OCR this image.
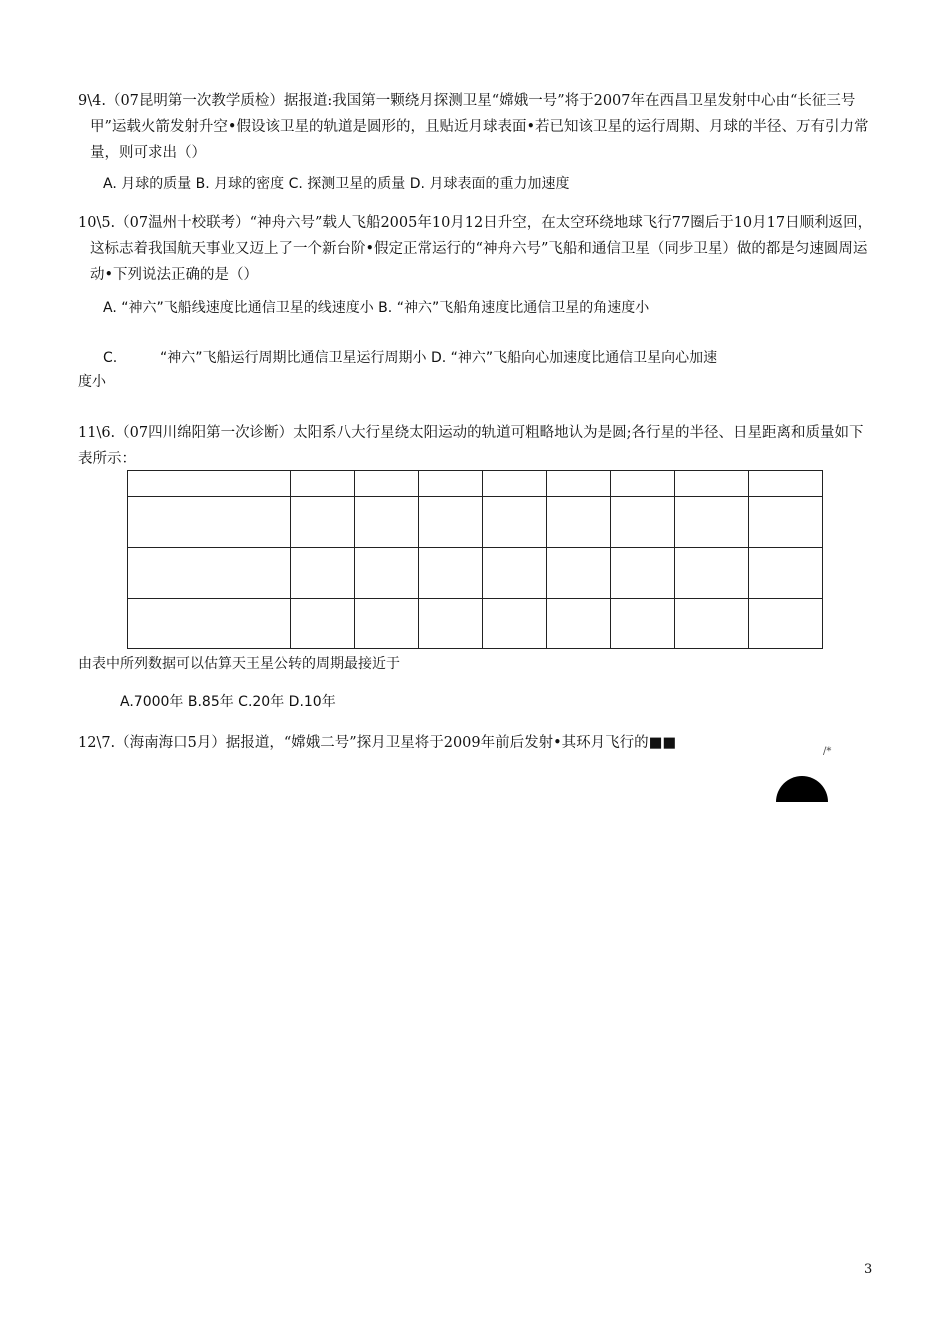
9\4.（07昆明第一次教学质检）据报道:我国第一颗绕月探测卫星“嫦娥一号”将于2007年在西昌卫星发射中心由“长征三号甲”运载火箭发射升空•假设该卫星的轨道是圆形的，且贴近月球表面•若已知该卫星的运行周期、月球的半径、万有引力常量，则可求出（）
A. 月球的质量 B. 月球的密度 C. 探测卫星的质量 D. 月球表面的重力加速度
10\5.（07温州十校联考）“神舟六号”载人飞船2005年10月12日升空，在太空环绕地球飞行77圈后于10月17日顺利返回，这标志着我国航天事业又迈上了一个新台阶•假定正常运行的“神舟六号”飞船和通信卫星（同步卫星）做的都是匀速圆周运动•下列说法正确的是（）
A. “神六”飞船线速度比通信卫星的线速度小 B. “神六”飞船角速度比通信卫星的角速度小
C.	“神六”飞船运行周期比通信卫星运行周期小 D. “神六”飞船向心加速度比通信卫星向心加速
度小
11\6.（07四川绵阳第一次诊断）太阳系八大行星绕太阳运动的轨道可粗略地认为是圆;各行星的半径、日星距离和质量如下表所示：

由表中所列数据可以估算天王星公转的周期最接近于
A.7000年 B.85年 C.20年 D.10年
12\7.（海南海口5月）据报道，“嫦娥二号”探月卫星将于2009年前后发射•其环月飞行的■■
/*
3
